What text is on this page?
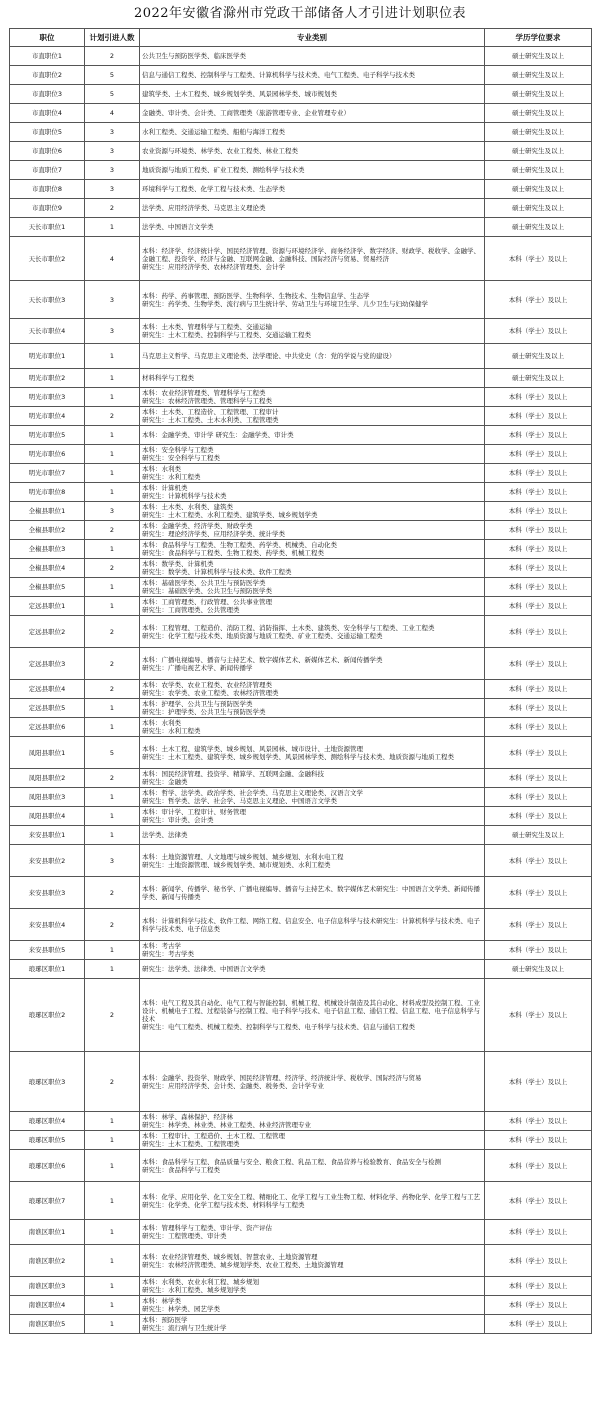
2022年安徽省滁州市党政干部储备人才引进计划职位表
职位	计划引进人数	专业类别	学历学位要求
市直职位1	2	公共卫生与预防医学类、临床医学类	硕士研究生及以上
市直职位2	5	信息与通信工程类、控制科学与工程类、计算机科学与技术类、电气工程类、电子科学与技术类	硕士研究生及以上
市直职位3	5	建筑学类、土木工程类、城乡规划学类、风景园林学类、城市规划类	硕士研究生及以上
市直职位4	4	金融类、审计类、会计类、工商管理类（旅游管理专业、企业管理专业）	硕士研究生及以上
市直职位5	3	水利工程类、交通运输工程类、船舶与海洋工程类	硕士研究生及以上
市直职位6	3	农业资源与环境类、林学类、农业工程类、林业工程类	硕士研究生及以上
市直职位7	3	地质资源与地质工程类、矿业工程类、测绘科学与技术类	硕士研究生及以上
市直职位8	3	环境科学与工程类、化学工程与技术类、生态学类	硕士研究生及以上
市直职位9	2	法学类、应用经济学类、马克思主义理论类	硕士研究生及以上
天长市职位1	1	法学类、中国语言文学类	硕士研究生及以上
天长市职位2	4	本科：经济学、经济统计学、国民经济管理、资源与环境经济学、商务经济学、数字经济、财政学、税收学、金融学、金融工程、投资学、经济与金融、互联网金融、金融科技、国际经济与贸易、贸易经济
研究生：应用经济学类、农林经济管理类、会计学	本科（学士）及以上
天长市职位3	3	本科：药学、药事管理、预防医学、生物科学、生物技术、生物信息学、生态学
研究生：药学类、生物学类、流行病与卫生统计学、劳动卫生与环境卫生学、儿少卫生与妇幼保健学	本科（学士）及以上
天长市职位4	3	本科：土木类、管理科学与工程类、交通运输
研究生：土木工程类、控制科学与工程类、交通运输工程类	本科（学士）及以上
明光市职位1	1	马克思主义哲学、马克思主义理论类、法学理论、中共党史（含：党的学说与党的建设）	硕士研究生及以上
明光市职位2	1	材料科学与工程类	硕士研究生及以上
明光市职位3	1	本科：农业经济管理类、管理科学与工程类
研究生：农林经济管理类、管理科学与工程类	本科（学士）及以上
明光市职位4	2	本科：土木类、工程造价、工程管理、工程审计
研究生：土木工程类、土木水利类、工程管理类	本科（学士）及以上
明光市职位5	1	本科：金融学类、审计学 研究生：金融学类、审计类	本科（学士）及以上
明光市职位6	1	本科：安全科学与工程类
研究生：安全科学与工程类	本科（学士）及以上
明光市职位7	1	本科：水利类
研究生：水利工程类	本科（学士）及以上
明光市职位8	1	本科：计算机类
研究生：计算机科学与技术类	本科（学士）及以上
全椒县职位1	3	本科：土木类、水利类、建筑类
研究生：土木工程类、水利工程类、建筑学类、城乡规划学类	本科（学士）及以上
全椒县职位2	2	本科：金融学类、经济学类、财政学类
研究生：理论经济学类、应用经济学类、统计学类	本科（学士）及以上
全椒县职位3	1	本科：食品科学与工程类、生物工程类、药学类、机械类、自动化类
研究生：食品科学与工程类、生物工程类、药学类、机械工程类	本科（学士）及以上
全椒县职位4	2	本科：数学类、计算机类
研究生：数学类、计算机科学与技术类、软件工程类	本科（学士）及以上
全椒县职位5	1	本科：基础医学类、公共卫生与预防医学类
研究生：基础医学类、公共卫生与预防医学类	本科（学士）及以上
定远县职位1	1	本科：工商管理类、行政管理、公共事业管理
研究生：工商管理类、公共管理类	本科（学士）及以上
定远县职位2	2	本科：工程管理、工程造价、消防工程、消防指挥、土木类、建筑类、安全科学与工程类、工业工程类
研究生：化学工程与技术类、地质资源与地质工程类、矿业工程类、交通运输工程类	本科（学士）及以上
定远县职位3	2	本科：广播电视编导、播音与主持艺术、数字媒体艺术、新媒体艺术、新闻传播学类
研究生：广播电视艺术学、新闻传播学	本科（学士）及以上
定远县职位4	2	本科：农学类、农业工程类、农业经济管理类
研究生：农学类、农业工程类、农林经济管理类	本科（学士）及以上
定远县职位5	1	本科：护理学、公共卫生与预防医学类
研究生：护理学类、公共卫生与预防医学类	本科（学士）及以上
定远县职位6	1	本科：水利类
研究生：水利工程类	本科（学士）及以上
凤阳县职位1	5	本科：土木工程、建筑学类、城乡规划、风景园林、城市设计、土地资源管理
研究生：土木工程类、建筑学类、城乡规划学类、风景园林学类、测绘科学与技术类、地质资源与地质工程类	本科（学士）及以上
凤阳县职位2	2	本科：国民经济管理、投资学、精算学、互联网金融、金融科技
研究生：金融类	本科（学士）及以上
凤阳县职位3	1	本科：哲学、法学类、政治学类、社会学类、马克思主义理论类、汉语言文学
研究生：哲学类、法学、社会学、马克思主义理论、中国语言文学类	本科（学士）及以上
凤阳县职位4	1	本科：审计学、工程审计、财务管理
研究生：审计类、会计类	本科（学士）及以上
来安县职位1	1	法学类、法律类	硕士研究生及以上
来安县职位2	3	本科：土地资源管理、人文地理与城乡规划、城乡规划、水利水电工程
研究生：土地资源管理、城乡规划学类、城市规划类、水利工程类	本科（学士）及以上
来安县职位3	2	本科：新闻学、传播学、秘书学、广播电视编导、播音与主持艺术、数字媒体艺术研究生：中国语言文学类、新闻传播学类、新闻与传播类	本科（学士）及以上
来安县职位4	2	本科：计算机科学与技术、软件工程、网络工程、信息安全、电子信息科学与技术研究生：计算机科学与技术类、电子科学与技术类、电子信息类	本科（学士）及以上
来安县职位5	1	本科：考古学
研究生：考古学类	本科（学士）及以上
琅琊区职位1	1	研究生：法学类、法律类、中国语言文学类	硕士研究生及以上
琅琊区职位2	2	本科：电气工程及其自动化、电气工程与智能控制、机械工程、机械设计制造及其自动化、材料成型及控制工程、工业设计、机械电子工程、过程装备与控制工程、电子科学与技术、电子信息工程、通信工程、信息工程、电子信息科学与技术
研究生：电气工程类、机械工程类、控制科学与工程类、电子科学与技术类、信息与通信工程类	本科（学士）及以上
琅琊区职位3	2	本科：金融学、投资学、财政学、国民经济管理、经济学、经济统计学、税收学、国际经济与贸易
研究生：应用经济学类、会计类、金融类、税务类、会计学专业	本科（学士）及以上
琅琊区职位4	1	本科：林学、森林保护、经济林
研究生：林学类、林业类、林业工程类、林业经济管理专业	本科（学士）及以上
琅琊区职位5	1	本科：工程审计、工程造价、土木工程、工程管理
研究生：土木工程类、工程管理类	本科（学士）及以上
琅琊区职位6	1	本科：食品科学与工程、食品质量与安全、粮食工程、乳品工程、食品营养与检验教育、食品安全与检测
研究生：食品科学与工程类	本科（学士）及以上
琅琊区职位7	1	本科：化学、应用化学、化工安全工程、精细化工、化学工程与工业生物工程、材料化学、药物化学、化学工程与工艺
研究生：化学类、化学工程与技术类、材料科学与工程类	本科（学士）及以上
南谯区职位1	1	本科：管理科学与工程类、审计学、资产评估
研究生：工程管理类、审计类	本科（学士）及以上
南谯区职位2	1	本科：农业经济管理类、城乡规划、智慧农业、土地资源管理
研究生：农林经济管理类、城乡规划学类、农业工程类、土地资源管理	本科（学士）及以上
南谯区职位3	1	本科：水利类、农业水利工程、城乡规划
研究生：水利工程类、城乡规划学类	本科（学士）及以上
南谯区职位4	1	本科：林学类
研究生：林学类、园艺学类	本科（学士）及以上
南谯区职位5	1	本科：预防医学
研究生：流行病与卫生统计学	本科（学士）及以上
